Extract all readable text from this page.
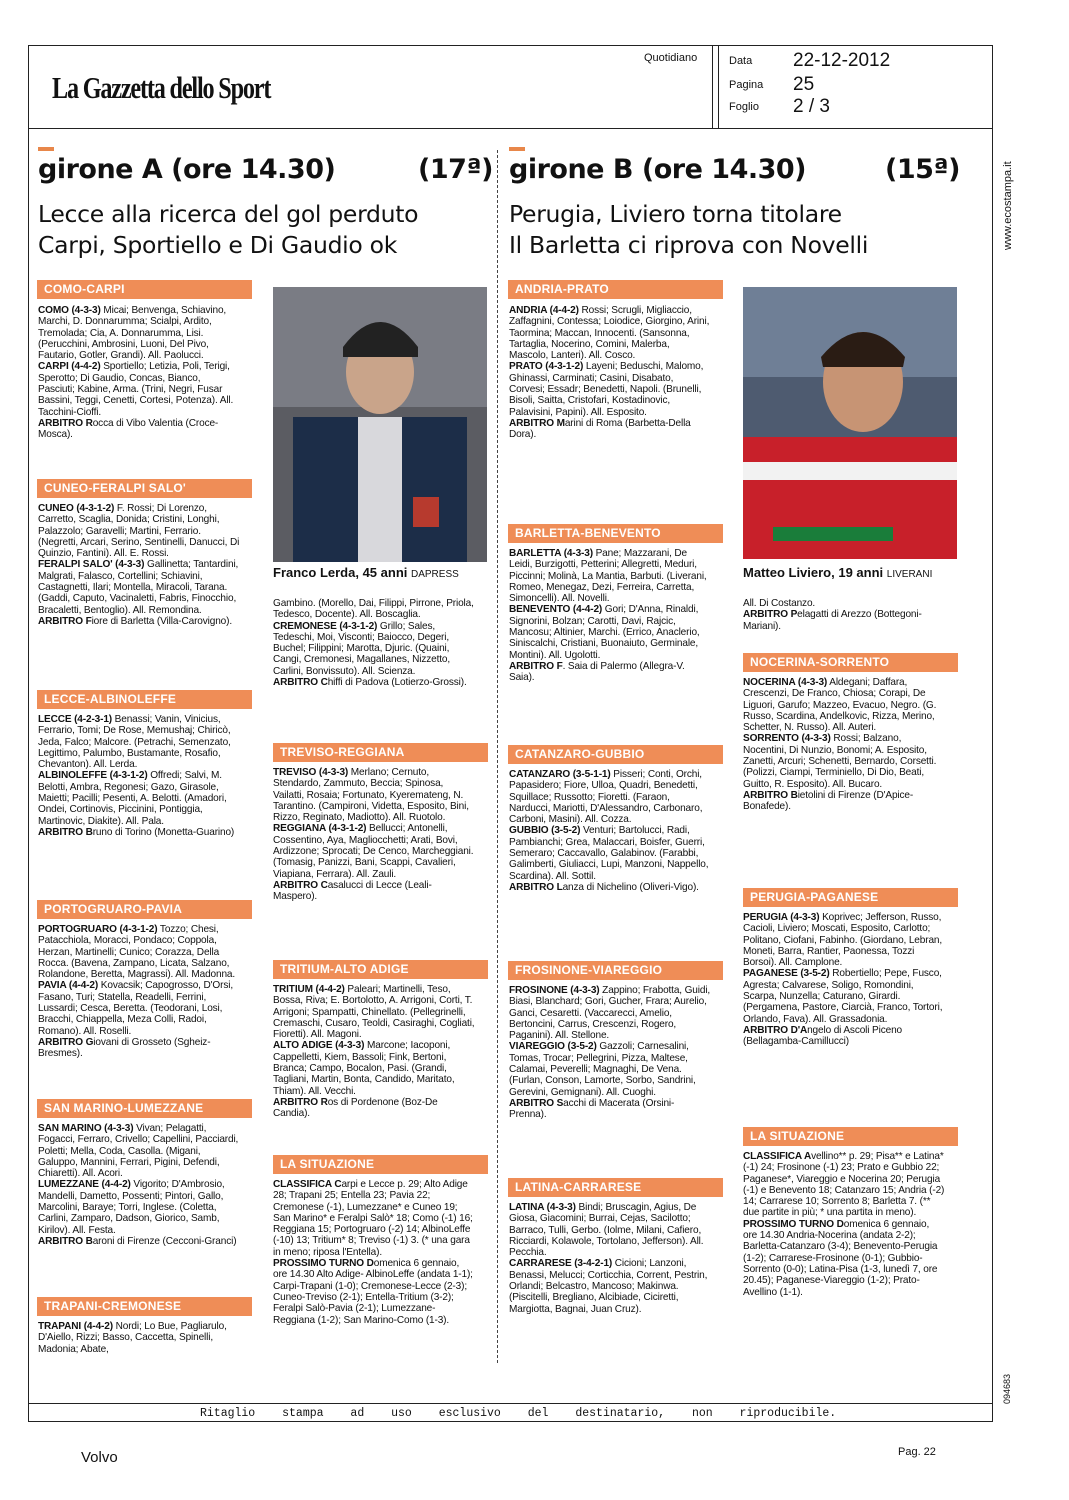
La Gazzetta dello Sport
Quotidiano	Data 22-12-2012
Pagina 25
Foglio 2 / 3
www.ecostampa.it
094683
girone A (ore 14.30)	(17ª)
Lecce alla ricerca del gol perduto
Carpi, Sportiello e Di Gaudio ok
COMO-CARPI
COMO (4-3-3) Micai; Benvenga, Schiavino, Marchi, D. Donnarumma; Scialpi, Ardito, Tremolada; Cia, A. Donnarumma, Lisi. (Perucchini, Ambrosini, Luoni, Del Pivo, Fautario, Gotler, Grandi). All. Paolucci.
CARPI (4-4-2) Sportiello; Letizia, Poli, Terigi, Sperotto; Di Gaudio, Concas, Bianco, Pasciuti; Kabine, Arma. (Trini, Negri, Fusar Bassini, Teggi, Cenetti, Cortesi, Potenza). All. Tacchini-Cioffi.
ARBITRO Rocca di Vibo Valentia (Croce-Mosca).
CUNEO-FERALPI SALO'
CUNEO (4-3-1-2) F. Rossi; Di Lorenzo, Carretto, Scaglia, Donida; Cristini, Longhi, Palazzolo; Garavelli; Martini, Ferrario. (Negretti, Arcari, Serino, Sentinelli, Danucci, Di Quinzio, Fantini). All. E. Rossi.
FERALPI SALO' (4-3-3) Gallinetta; Tantardini, Malgrati, Falasco, Cortellini; Schiavini, Castagnetti, Ilari; Montella, Miracoli, Tarana. (Gaddi, Caputo, Vacinaletti, Fabris, Finocchio, Bracaletti, Bentoglio). All. Remondina.
ARBITRO Fiore di Barletta (Villa-Carovigno).
LECCE-ALBINOLEFFE
LECCE (4-2-3-1) Benassi; Vanin, Vinicius, Ferrario, Tomi; De Rose, Memushaj; Chiricò, Jeda, Falco; Malcore. (Petrachi, Semenzato, Legittimo, Palumbo, Bustamante, Rosafio, Chevanton). All. Lerda.
ALBINOLEFFE (4-3-1-2) Offredi; Salvi, M. Belotti, Ambra, Regonesi; Gazo, Girasole, Maietti; Pacilli; Pesenti, A. Belotti. (Amadori, Ondei, Cortinovis, Piccinini, Pontiggia, Martinovic, Diakite). All. Pala.
ARBITRO Bruno di Torino (Monetta-Guarino)
PORTOGRUARO-PAVIA
PORTOGRUARO (4-3-1-2) Tozzo; Chesi, Patacchiola, Moracci, Pondaco; Coppola, Herzan, Martinelli; Cunico; Corazza, Della Rocca. (Bavena, Zampano, Licata, Salzano, Rolandone, Beretta, Magrassi). All. Madonna.
PAVIA (4-4-2) Kovacsik; Capogrosso, D'Orsi, Fasano, Turi; Statella, Readelli, Ferrini, Lussardi; Cesca, Beretta. (Teodorani, Losi, Bracchi, Chiappella, Meza Colli, Radoi, Romano). All. Roselli.
ARBITRO Giovani di Grosseto (Sgheiz-Bresmes).
SAN MARINO-LUMEZZANE
SAN MARINO (4-3-3) Vivan; Pelagatti, Fogacci, Ferraro, Crivello; Capellini, Pacciardi, Poletti; Mella, Coda, Casolla. (Migani, Galuppo, Mannini, Ferrari, Pigini, Defendi, Chiaretti). All. Acori.
LUMEZZANE (4-4-2) Vigorito; D'Ambrosio, Mandelli, Dametto, Possenti; Pintori, Gallo, Marcolini, Baraye; Torri, Inglese. (Coletta, Carlini, Zamparo, Dadson, Giorico, Samb, Kirilov). All. Festa.
ARBITRO Baroni di Firenze (Cecconi-Granci)
TRAPANI-CREMONESE
TRAPANI (4-4-2) Nordi; Lo Bue, Pagliarulo, D'Aiello, Rizzi; Basso, Caccetta, Spinelli, Madonia; Abate,
Franco Lerda, 45 anni DAPRESS
Gambino. (Morello, Dai, Filippi, Pirrone, Priola, Tedesco, Docente). All. Boscaglia.
CREMONESE (4-3-1-2) Grillo; Sales, Tedeschi, Moi, Visconti; Baiocco, Degeri, Buchel; Filippini; Marotta, Djuric. (Quaini, Cangi, Cremonesi, Magallanes, Nizzetto, Carlini, Bonvissuto). All. Scienza.
ARBITRO Chiffi di Padova (Lotierzo-Grossi).
TREVISO-REGGIANA
TREVISO (4-3-3) Merlano; Cernuto, Stendardo, Zammuto, Beccia; Spinosa, Vailatti, Rosaia; Fortunato, Kyeremateng, N. Tarantino. (Campironi, Videtta, Esposito, Bini, Rizzo, Reginato, Madiotto). All. Ruotolo.
REGGIANA (4-3-1-2) Bellucci; Antonelli, Cossentino, Aya, Magliocchetti; Arati, Bovi, Ardizzone; Sprocati; De Cenco, Marcheggiani. (Tomasig, Panizzi, Bani, Scappi, Cavalieri, Viapiana, Ferrara). All. Zauli.
ARBITRO Casalucci di Lecce (Leali-Maspero).
TRITIUM-ALTO ADIGE
TRITIUM (4-4-2) Paleari; Martinelli, Teso, Bossa, Riva; E. Bortolotto, A. Arrigoni, Corti, T. Arrigoni; Spampatti, Chinellato. (Pellegrinelli, Cremaschi, Cusaro, Teoldi, Casiraghi, Cogliati, Fioretti). All. Magoni.
ALTO ADIGE (4-3-3) Marcone; Iacoponi, Cappelletti, Kiem, Bassoli; Fink, Bertoni, Branca; Campo, Bocalon, Pasi. (Grandi, Tagliani, Martin, Bonta, Candido, Maritato, Thiam). All. Vecchi.
ARBITRO Ros di Pordenone (Boz-De Candia).
LA SITUAZIONE
CLASSIFICA Carpi e Lecce p. 29; Alto Adige 28; Trapani 25; Entella 23; Pavia 22; Cremonese (-1), Lumezzane* e Cuneo 19; San Marino* e Feralpi Salò* 18; Como (-1) 16; Reggiana 15; Portogruaro (-2) 14; AlbinoLeffe (-10) 13; Tritium* 8; Treviso (-1) 3. (* una gara in meno; riposa l'Entella).
PROSSIMO TURNO Domenica 6 gennaio, ore 14.30 Alto Adige- AlbinoLeffe (andata 1-1); Carpi-Trapani (1-0); Cremonese-Lecce (2-3); Cuneo-Treviso (2-1); Entella-Tritium (3-2); Feralpi Salò-Pavia (2-1); Lumezzane-Reggiana (1-2); San Marino-Como (1-3).
girone B (ore 14.30)	(15ª)
Perugia, Liviero torna titolare
Il Barletta ci riprova con Novelli
ANDRIA-PRATO
ANDRIA (4-4-2) Rossi; Scrugli, Migliaccio, Zaffagnini, Contessa; Loiodice, Giorgino, Arini, Taormina; Maccan, Innocenti. (Sansonna, Tartaglia, Nocerino, Comini, Malerba, Mascolo, Lanteri). All. Cosco.
PRATO (4-3-1-2) Layeni; Beduschi, Malomo, Ghinassi, Carminati; Casini, Disabato, Corvesi; Essadr; Benedetti, Napoli. (Brunelli, Bisoli, Saitta, Cristofari, Kostadinovic, Palavisini, Papini). All. Esposito.
ARBITRO Marini di Roma (Barbetta-Della Dora).
BARLETTA-BENEVENTO
BARLETTA (4-3-3) Pane; Mazzarani, De Leidi, Burzigotti, Petterini; Allegretti, Meduri, Piccinni; Molinà, La Mantia, Barbuti. (Liverani, Romeo, Menegaz, Dezi, Ferreira, Carretta, Simoncelli). All. Novelli.
BENEVENTO (4-4-2) Gori; D'Anna, Rinaldi, Signorini, Bolzan; Carotti, Davi, Rajcic, Mancosu; Altinier, Marchi. (Errico, Anaclerio, Siniscalchi, Cristiani, Buonaiuto, Germinale, Montini). All. Ugolotti.
ARBITRO F. Saia di Palermo (Allegra-V. Saia).
CATANZARO-GUBBIO
CATANZARO (3-5-1-1) Pisseri; Conti, Orchi, Papasidero; Fiore, Ulloa, Quadri, Benedetti, Squillace; Russotto; Fioretti. (Faraon, Narducci, Mariotti, D'Alessandro, Carbonaro, Carboni, Masini). All. Cozza.
GUBBIO (3-5-2) Venturi; Bartolucci, Radi, Pambianchi; Grea, Malaccari, Boisfer, Guerri, Semeraro; Caccavallo, Galabinov. (Farabbi, Galimberti, Giuliacci, Lupi, Manzoni, Nappello, Scardina). All. Sottil.
ARBITRO Lanza di Nichelino (Oliveri-Vigo).
FROSINONE-VIAREGGIO
FROSINONE (4-3-3) Zappino; Frabotta, Guidi, Biasi, Blanchard; Gori, Gucher, Frara; Aurelio, Ganci, Cesaretti. (Vaccarecci, Amelio, Bertoncini, Carrus, Crescenzi, Rogero, Paganini). All. Stellone.
VIAREGGIO (3-5-2) Gazzoli; Carnesalini, Tomas, Trocar; Pellegrini, Pizza, Maltese, Calamai, Peverelli; Magnaghi, De Vena. (Furlan, Conson, Lamorte, Sorbo, Sandrini, Gerevini, Gemignani). All. Cuoghi.
ARBITRO Sacchi di Macerata (Orsini-Prenna).
LATINA-CARRARESE
LATINA (4-3-3) Bindi; Bruscagin, Agius, De Giosa, Giacomini; Burrai, Cejas, Sacilotto; Barraco, Tulli, Gerbo. (Iolme, Milani, Cafiero, Ricciardi, Kolawole, Tortolano, Jefferson). All. Pecchia.
CARRARESE (3-4-2-1) Cicioni; Lanzoni, Benassi, Melucci; Corticchia, Corrent, Pestrin, Orlandi; Belcastro, Mancoso; Makinwa. (Piscitelli, Bregliano, Alcibiade, Ciciretti, Margiotta, Bagnai, Juan Cruz).
Matteo Liviero, 19 anni LIVERANI
All. Di Costanzo.
ARBITRO Pelagatti di Arezzo (Bottegoni-Mariani).
NOCERINA-SORRENTO
NOCERINA (4-3-3) Aldegani; Daffara, Crescenzi, De Franco, Chiosa; Corapi, De Liguori, Garufo; Mazzeo, Evacuo, Negro. (G. Russo, Scardina, Andelkovic, Rizza, Merino, Schetter, N. Russo). All. Auteri.
SORRENTO (4-3-3) Rossi; Balzano, Nocentini, Di Nunzio, Bonomi; A. Esposito, Zanetti, Arcuri; Schenetti, Bernardo, Corsetti. (Polizzi, Ciampi, Terminiello, Di Dio, Beati, Guitto, R. Esposito). All. Bucaro.
ARBITRO Bietolini di Firenze (D'Apice-Bonafede).
PERUGIA-PAGANESE
PERUGIA (4-3-3) Koprivec; Jefferson, Russo, Cacioli, Liviero; Moscati, Esposito, Carlotto; Politano, Ciofani, Fabinho. (Giordano, Lebran, Moneti, Barra, Rantier, Paonessa, Tozzi Borsoi). All. Camplone.
PAGANESE (3-5-2) Robertiello; Pepe, Fusco, Agresta; Calvarese, Soligo, Romondini, Scarpa, Nunzella; Caturano, Girardi. (Pergamena, Pastore, Ciarcià, Franco, Tortori, Orlando, Fava). All. Grassadonia.
ARBITRO D'Angelo di Ascoli Piceno (Bellagamba-Camillucci)
LA SITUAZIONE
CLASSIFICA Avellino** p. 29; Pisa** e Latina* (-1) 24; Frosinone (-1) 23; Prato e Gubbio 22; Paganese*, Viareggio e Nocerina 20; Perugia (-1) e Benevento 18; Catanzaro 15; Andria (-2) 14; Carrarese 10; Sorrento 8; Barletta 7. (** due partite in più; * una partita in meno).
PROSSIMO TURNO Domenica 6 gennaio, ore 14.30 Andria-Nocerina (andata 2-2); Barletta-Catanzaro (3-4); Benevento-Perugia (1-2); Carrarese-Frosinone (0-1); Gubbio-Sorrento (0-0); Latina-Pisa (1-3, lunedì 7, ore 20.45); Paganese-Viareggio (1-2); Prato-Avellino (1-1).
Ritaglio stampa ad uso esclusivo del destinatario, non riproducibile.
Volvo	Pag. 22
